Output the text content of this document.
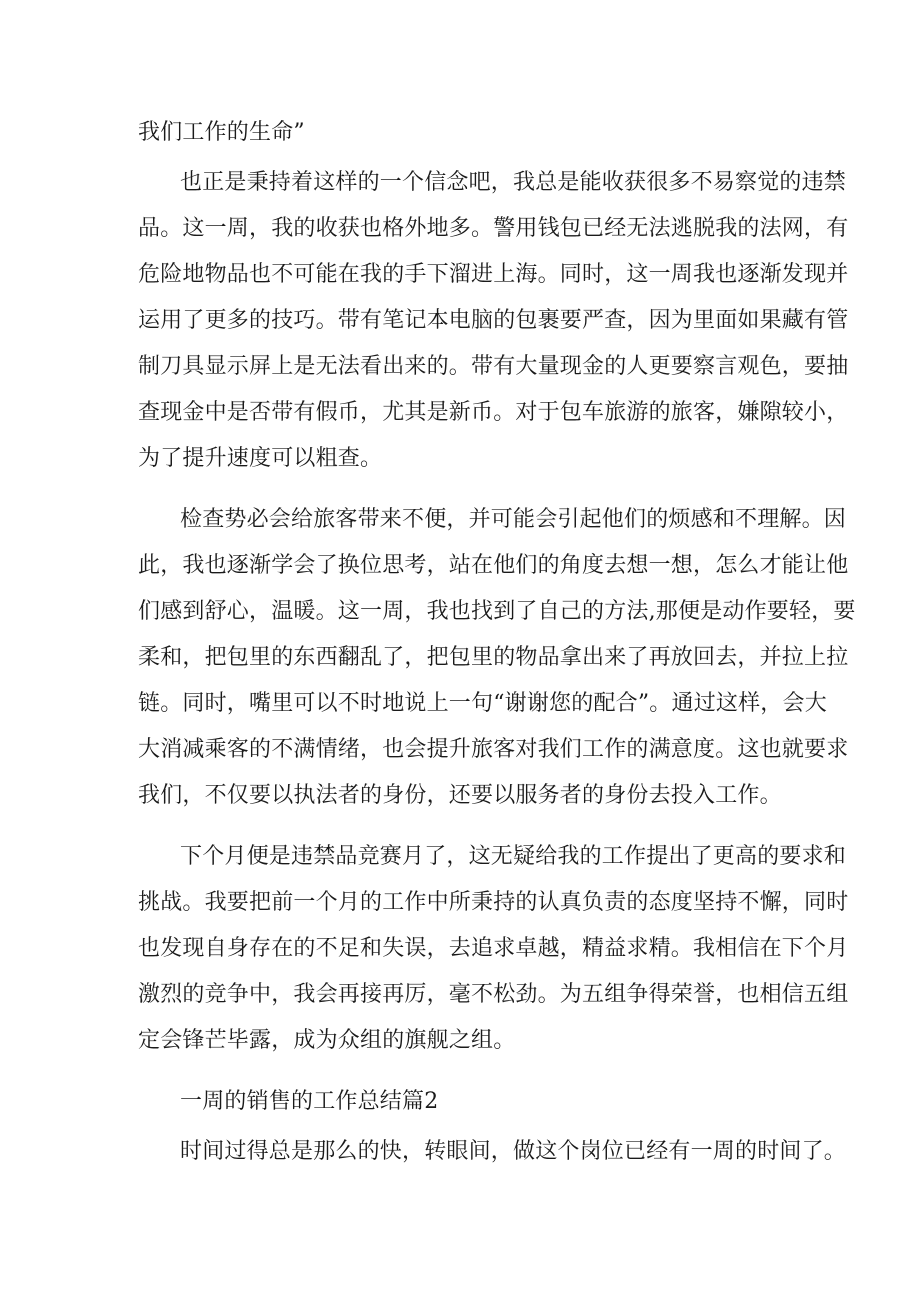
我们工作的生命”
也正是秉持着这样的一个信念吧，我总是能收获很多不易察觉的违禁
品。这一周，我的收获也格外地多。警用钱包已经无法逃脱我的法网，有
危险地物品也不可能在我的手下溜进上海。同时，这一周我也逐渐发现并
运用了更多的技巧。带有笔记本电脑的包裹要严查，因为里面如果藏有管
制刀具显示屏上是无法看出来的。带有大量现金的人更要察言观色，要抽
查现金中是否带有假币，尤其是新币。对于包车旅游的旅客，嫌隙较小，
为了提升速度可以粗查。
检查势必会给旅客带来不便，并可能会引起他们的烦感和不理解。因
此，我也逐渐学会了换位思考，站在他们的角度去想一想，怎么才能让他
们感到舒心，温暖。这一周，我也找到了自己的方法,那便是动作要轻，要
柔和，把包里的东西翻乱了，把包里的物品拿出来了再放回去，并拉上拉
链。同时，嘴里可以不时地说上一句“谢谢您的配合”。通过这样，会大
大消减乘客的不满情绪，也会提升旅客对我们工作的满意度。这也就要求
我们，不仅要以执法者的身份，还要以服务者的身份去投入工作。
下个月便是违禁品竞赛月了，这无疑给我的工作提出了更高的要求和
挑战。我要把前一个月的工作中所秉持的认真负责的态度坚持不懈，同时
也发现自身存在的不足和失误，去追求卓越，精益求精。我相信在下个月
激烈的竞争中，我会再接再厉，毫不松劲。为五组争得荣誉，也相信五组
定会锋芒毕露，成为众组的旗舰之组。
一周的销售的工作总结篇2
时间过得总是那么的快，转眼间，做这个岗位已经有一周的时间了。
